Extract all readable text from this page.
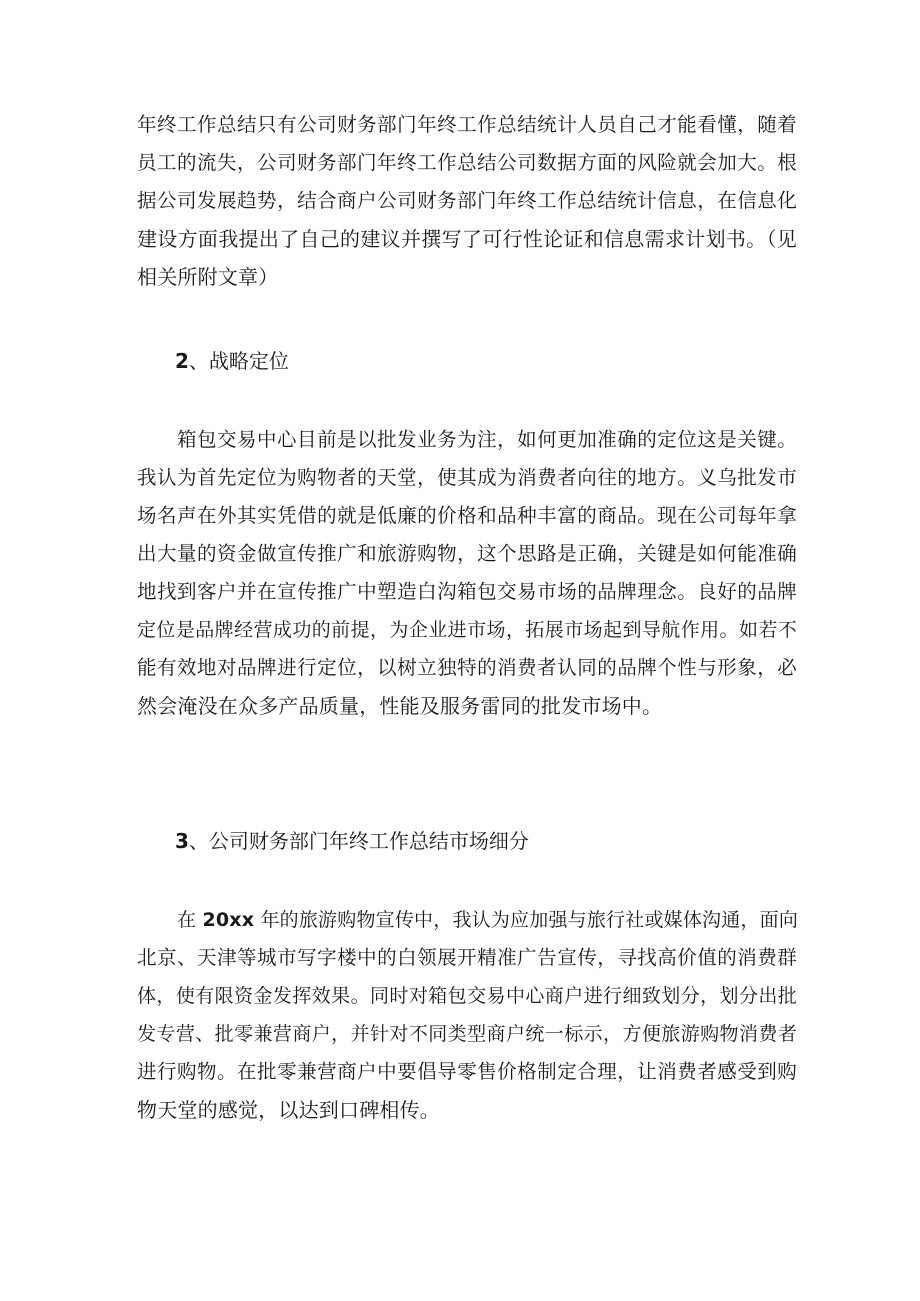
年终工作总结只有公司财务部门年终工作总结统计人员自己才能看懂，随着
员工的流失，公司财务部门年终工作总结公司数据方面的风险就会加大。根
据公司发展趋势，结合商户公司财务部门年终工作总结统计信息，在信息化
建设方面我提出了自己的建议并撰写了可行性论证和信息需求计划书。（见
相关所附文章）
2、战略定位
箱包交易中心目前是以批发业务为注，如何更加准确的定位这是关键。
我认为首先定位为购物者的天堂，使其成为消费者向往的地方。义乌批发市
场名声在外其实凭借的就是低廉的价格和品种丰富的商品。现在公司每年拿
出大量的资金做宣传推广和旅游购物，这个思路是正确，关键是如何能准确
地找到客户并在宣传推广中塑造白沟箱包交易市场的品牌理念。良好的品牌
定位是品牌经营成功的前提，为企业进市场，拓展市场起到导航作用。如若不
能有效地对品牌进行定位，以树立独特的消费者认同的品牌个性与形象，必
然会淹没在众多产品质量，性能及服务雷同的批发市场中。
3、公司财务部门年终工作总结市场细分
在 20xx 年的旅游购物宣传中，我认为应加强与旅行社或媒体沟通，面向
北京、天津等城市写字楼中的白领展开精准广告宣传，寻找高价值的消费群
体，使有限资金发挥效果。同时对箱包交易中心商户进行细致划分，划分出批
发专营、批零兼营商户，并针对不同类型商户统一标示，方便旅游购物消费者
进行购物。在批零兼营商户中要倡导零售价格制定合理，让消费者感受到购
物天堂的感觉，以达到口碑相传。
